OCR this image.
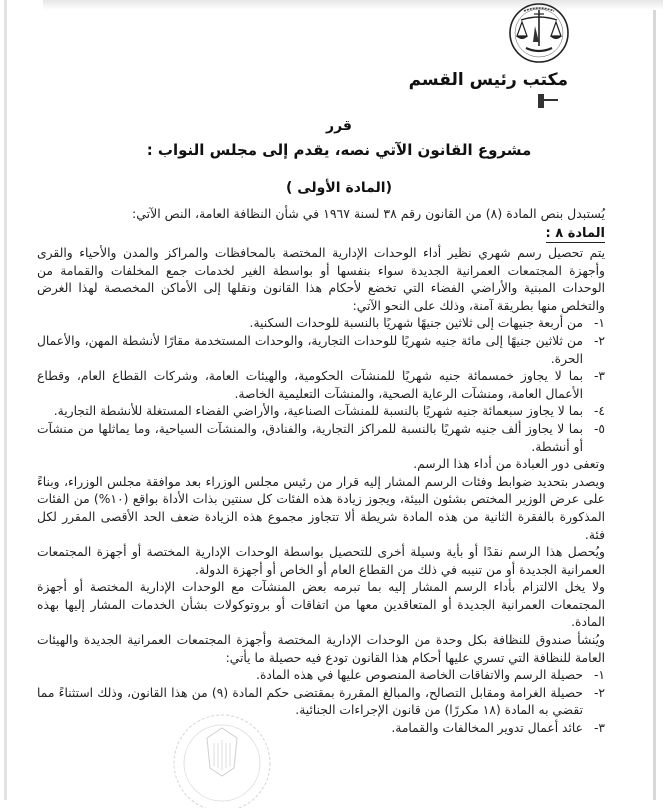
مكتب رئيس القسم
قرر
مشروع القانون الآتي نصه، يقدم إلى مجلس النواب :
(المادة الأولى )
يُستبدل بنص المادة (٨) من القانون رقم ٣٨ لسنة ١٩٦٧ في شأن النظافة العامة، النص الآتي:
المادة ٨ :

يتم تحصيل رسم شهري نظير أداء الوحدات الإدارية المختصة بالمحافظات والمراكز والمدن والأحياء والقرى وأجهزة المجتمعات العمرانية الجديدة سواء بنفسها أو بواسطة الغير لخدمات جمع المخلفات والقمامة من الوحدات المبنية والأراضي الفضاء التي تخضع لأحكام هذا القانون ونقلها إلى الأماكن المخصصة لهذا الغرض والتخلص منها بطريقة آمنة، وذلك على النحو الآتي:

١-
من أربعة جنيهات إلى ثلاثين جنيهًا شهريًا بالنسبة للوحدات السكنية.
٢-
من ثلاثين جنيهًا إلى مائة جنيه شهريًا للوحدات التجارية، والوحدات المستخدمة مقارًا لأنشطة المهن، والأعمال الحرة.
٣-
بما لا يجاوز خمسمائة جنيه شهريًا للمنشآت الحكومية، والهيئات العامة، وشركات القطاع العام، وقطاع الأعمال العامة، ومنشآت الرعاية الصحية، والمنشآت التعليمية الخاصة.
٤-
بما لا يجاوز سبعمائة جنيه شهريًا بالنسبة للمنشآت الصناعية، والأراضي الفضاء المستغلة للأنشطة التجارية.
٥-
بما لا يجاوز ألف جنيه شهريًا بالنسبة للمراكز التجارية، والفنادق، والمنشآت السياحية، وما يماثلها من منشآت أو أنشطة.

وتعفى دور العبادة من أداء هذا الرسم.

ويصدر بتحديد ضوابط وفئات الرسم المشار إليه قرار من رئيس مجلس الوزراء بعد موافقة مجلس الوزراء، وبناءً على عرض الوزير المختص بشئون البيئة، ويجوز زيادة هذه الفئات كل سنتين بذات الأداة بواقع (١٠%) من الفئات المذكورة بالفقرة الثانية من هذه المادة شريطة ألا تتجاوز مجموع هذه الزيادة ضعف الحد الأقصى المقرر لكل فئة.

ويُحصل هذا الرسم نقدًا أو بأية وسيلة أخرى للتحصيل بواسطة الوحدات الإدارية المختصة أو أجهزة المجتمعات العمرانية الجديدة أو من تنيبه في ذلك من القطاع العام أو الخاص أو أجهزة الدولة.

ولا يخل الالتزام بأداء الرسم المشار إليه بما تبرمه بعض المنشآت مع الوحدات الإدارية المختصة أو أجهزة المجتمعات العمرانية الجديدة أو المتعاقدين معها من اتفاقات أو بروتوكولات بشأن الخدمات المشار إليها بهذه المادة.

ويُنشأ صندوق للنظافة بكل وحدة من الوحدات الإدارية المختصة وأجهزة المجتمعات العمرانية الجديدة والهيئات العامة للنظافة التي تسري عليها أحكام هذا القانون تودع فيه حصيلة ما يأتي:

١-
حصيلة الرسم والاتفاقات الخاصة المنصوص عليها في هذه المادة.
٢-
حصيلة الغرامة ومقابل التصالح، والمبالغ المقررة بمقتضى حكم المادة (٩) من هذا القانون، وذلك استثناءً مما تقضي به المادة (١٨ مكررًا) من قانون الإجراءات الجنائية.
٣-
عائد أعمال تدوير المخالفات والقمامة.
